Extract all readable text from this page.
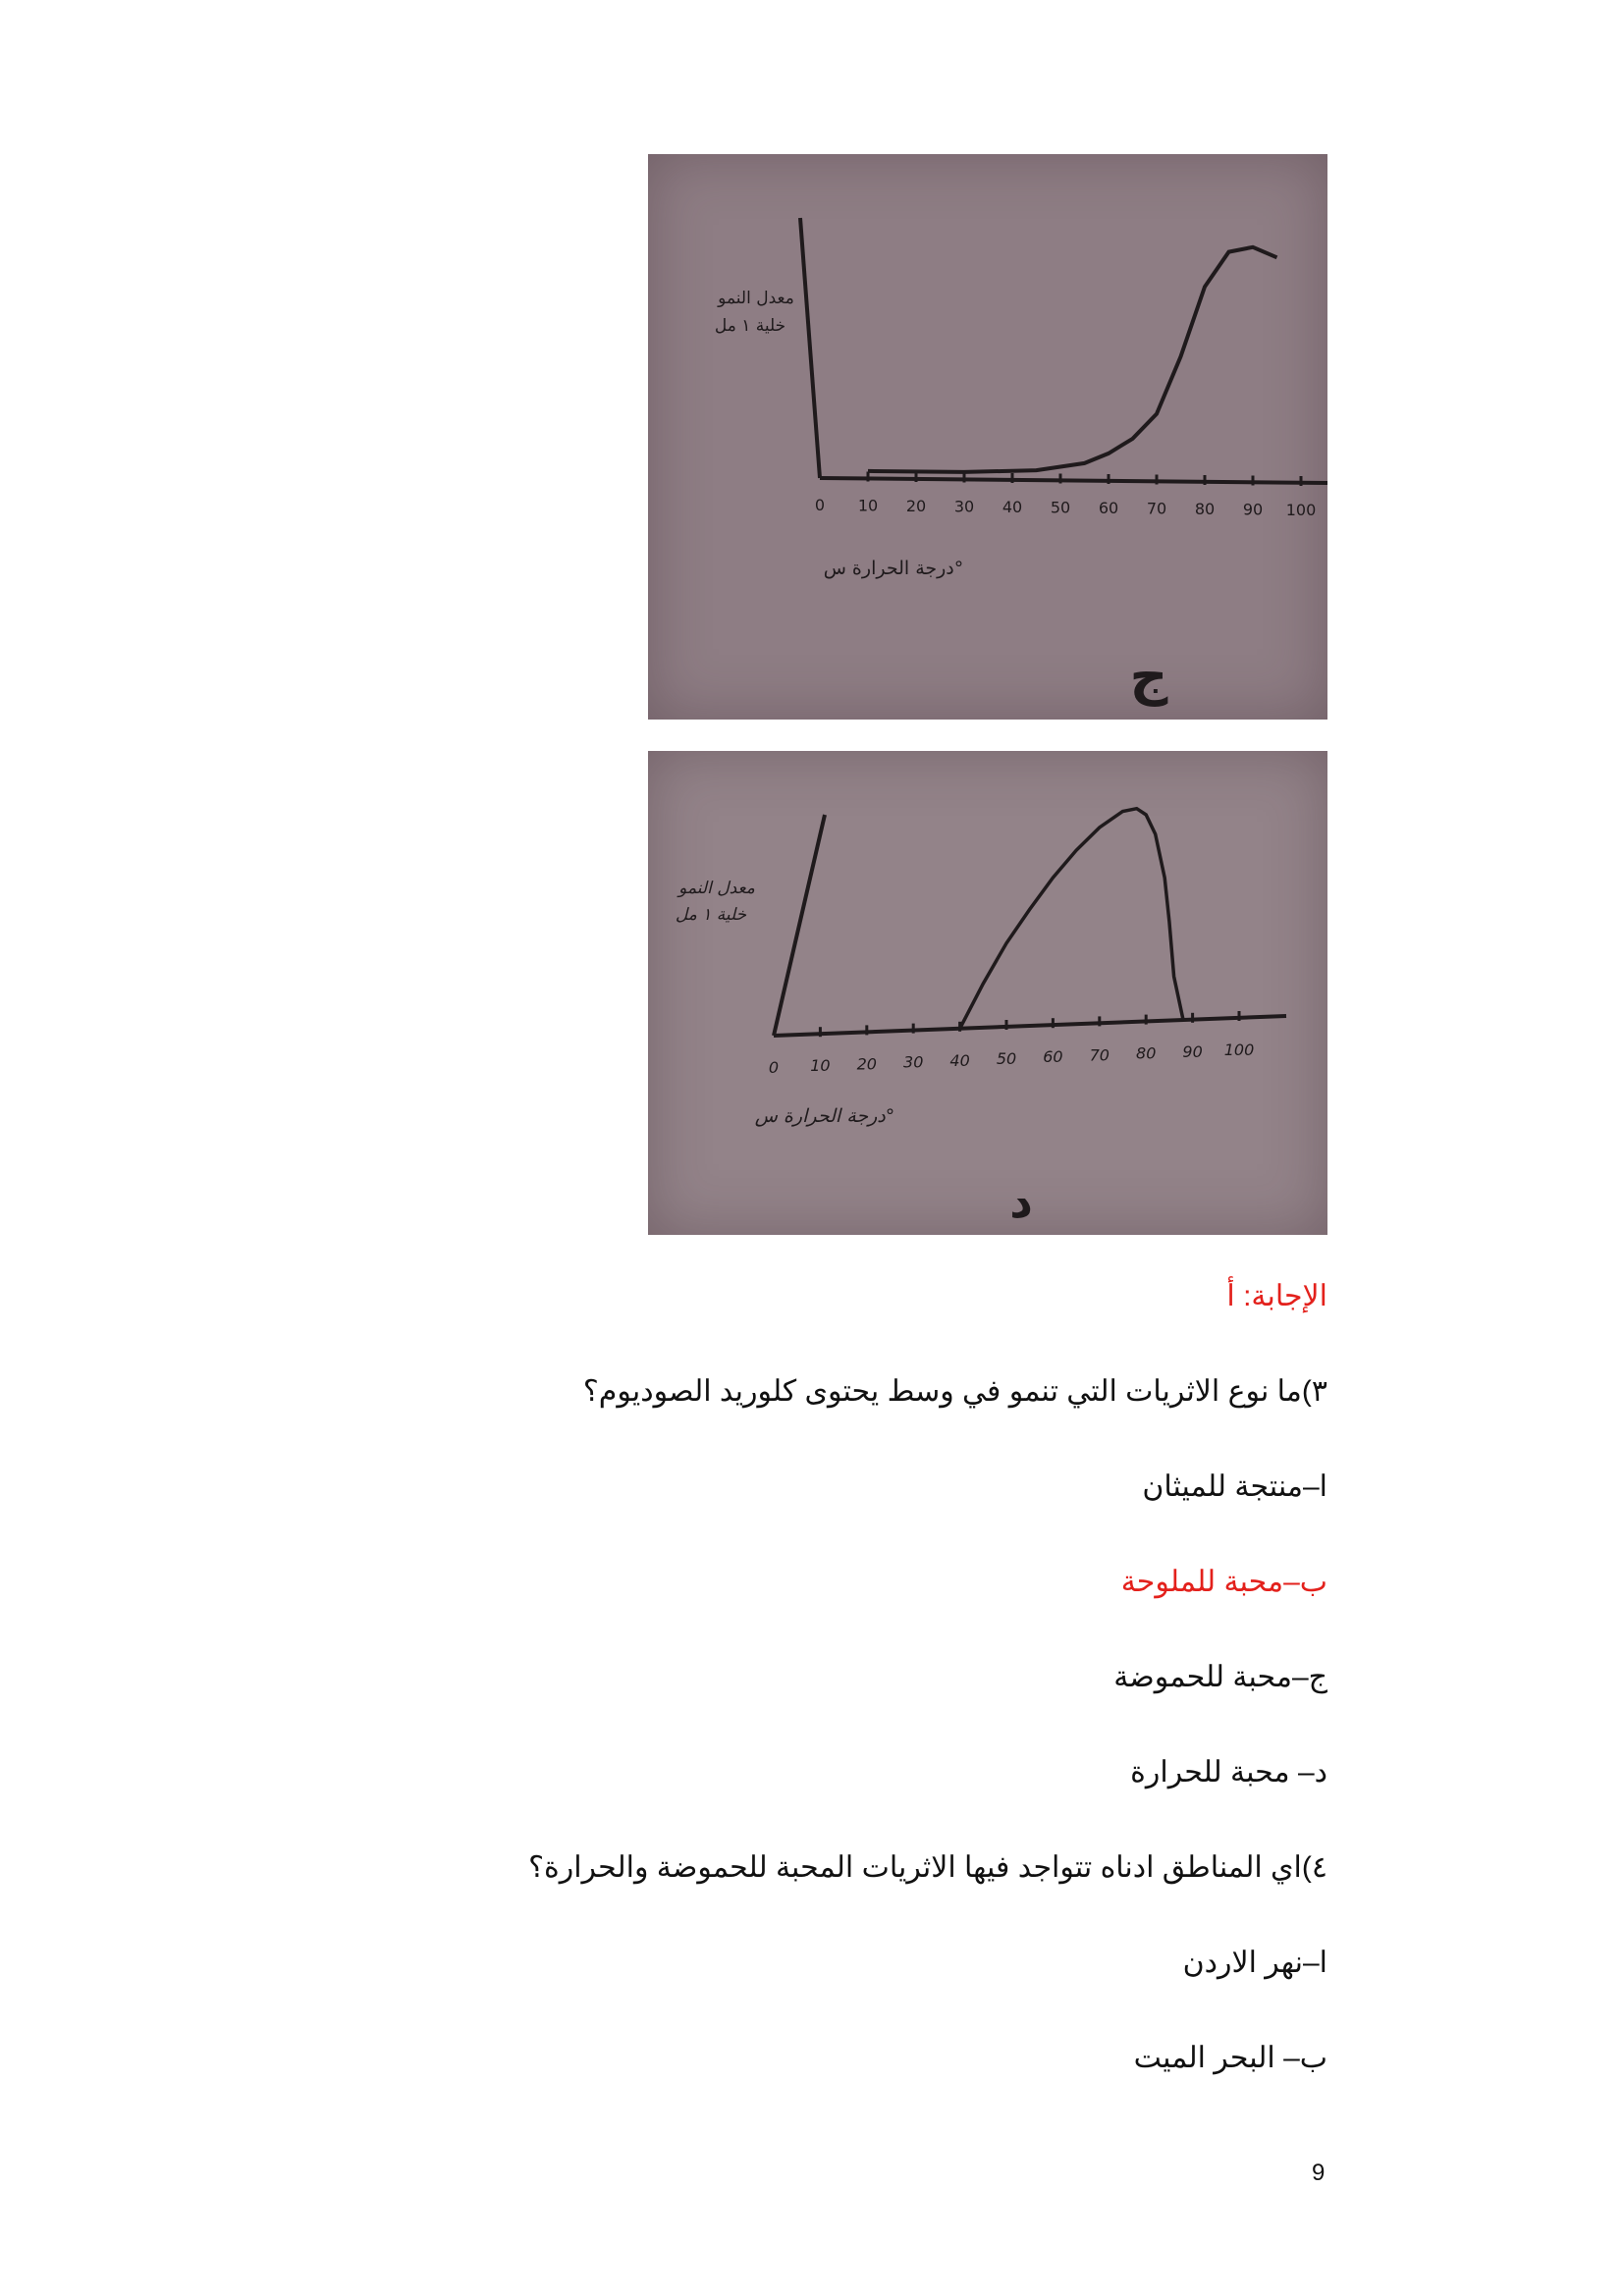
معدل النمو
خلية ١ مل
درجة الحرارة س°
ج
0 10 20 30 40 50 60 70 80 90 100
معدل النمو
خلية ١ مل
درجة الحرارة س°
د
0 10 20 30 40 50 60 70 80 90 100
الإجابة: أ
٣)ما نوع الاثريات التي تنمو في وسط يحتوى كلوريد الصوديوم؟
ا–منتجة للميثان
ب–محبة للملوحة
ج–محبة للحموضة
د– محبة للحرارة
٤)اي المناطق ادناه تتواجد فيها الاثريات المحبة للحموضة والحرارة؟
ا–نهر الاردن
ب– البحر الميت
9
